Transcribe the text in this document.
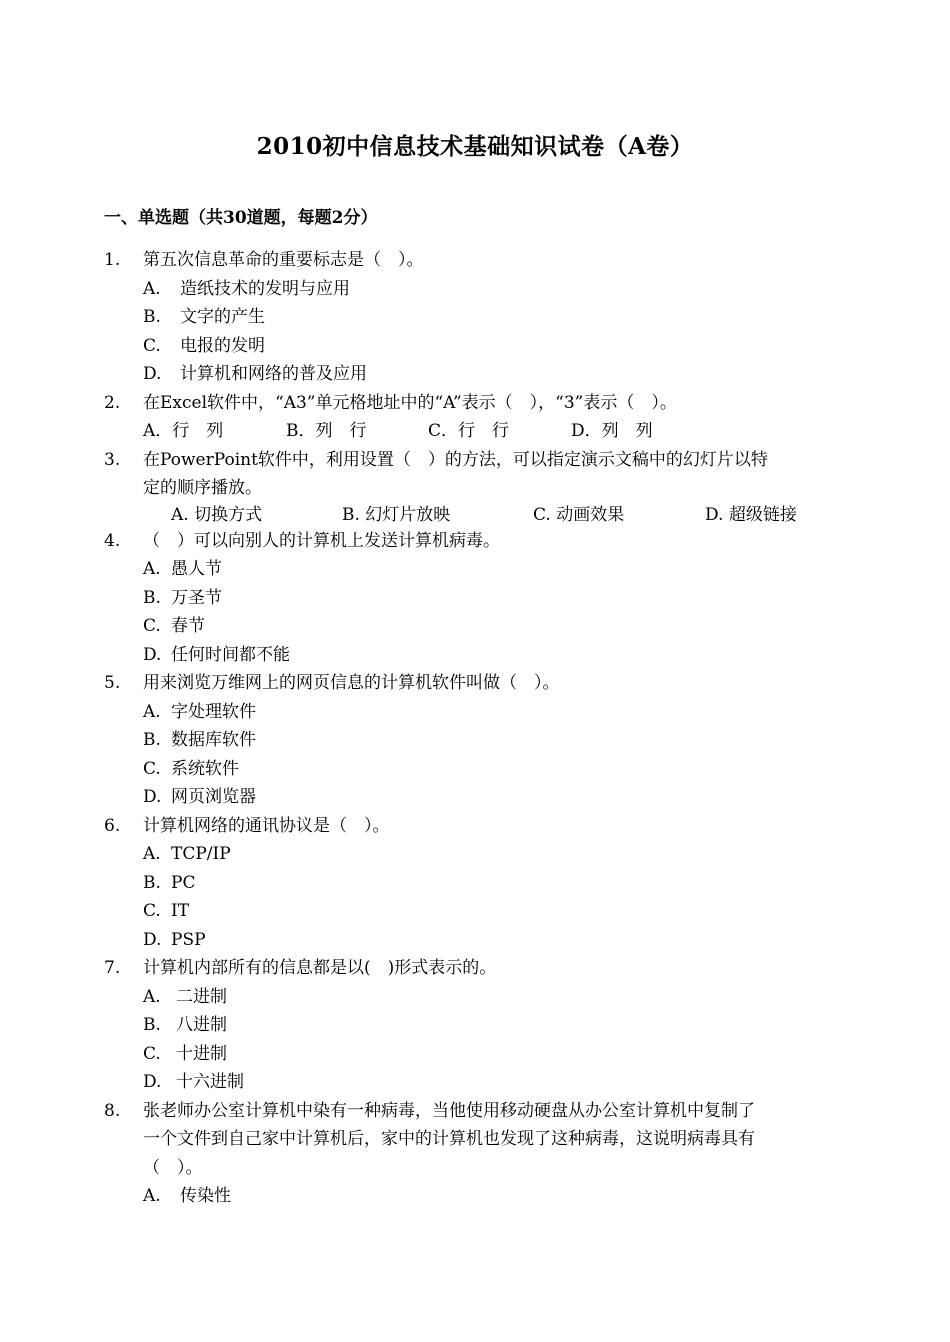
2010初中信息技术基础知识试卷（A卷）
一、单选题（共30道题，每题2分）
1. 第五次信息革命的重要标志是（　）。
A. 造纸技术的发明与应用
B. 文字的产生
C. 电报的发明
D. 计算机和网络的普及应用
2. 在Excel软件中，“A3”单元格地址中的“A”表示（　），“3”表示（　）。
A．行　列	B．列　行	C．行　行	D．列　列
3. 在PowerPoint软件中，利用设置（　）的方法，可以指定演示文稿中的幻灯片以特
定的顺序播放。
A. 切换方式	B. 幻灯片放映	C. 动画效果	D. 超级链接
4. （　）可以向别人的计算机上发送计算机病毒。
A. 愚人节
B. 万圣节
C. 春节
D. 任何时间都不能
5. 用来浏览万维网上的网页信息的计算机软件叫做（　）。
A. 字处理软件
B. 数据库软件
C. 系统软件
D. 网页浏览器
6. 计算机网络的通讯协议是（　）。
A. TCP/IP
B. PC
C. IT
D. PSP
7. 计算机内部所有的信息都是以(　)形式表示的。
A. 二进制
B. 八进制
C. 十进制
D. 十六进制
8. 张老师办公室计算机中染有一种病毒，当他使用移动硬盘从办公室计算机中复制了
一个文件到自己家中计算机后，家中的计算机也发现了这种病毒，这说明病毒具有
（　）。
A. 传染性
